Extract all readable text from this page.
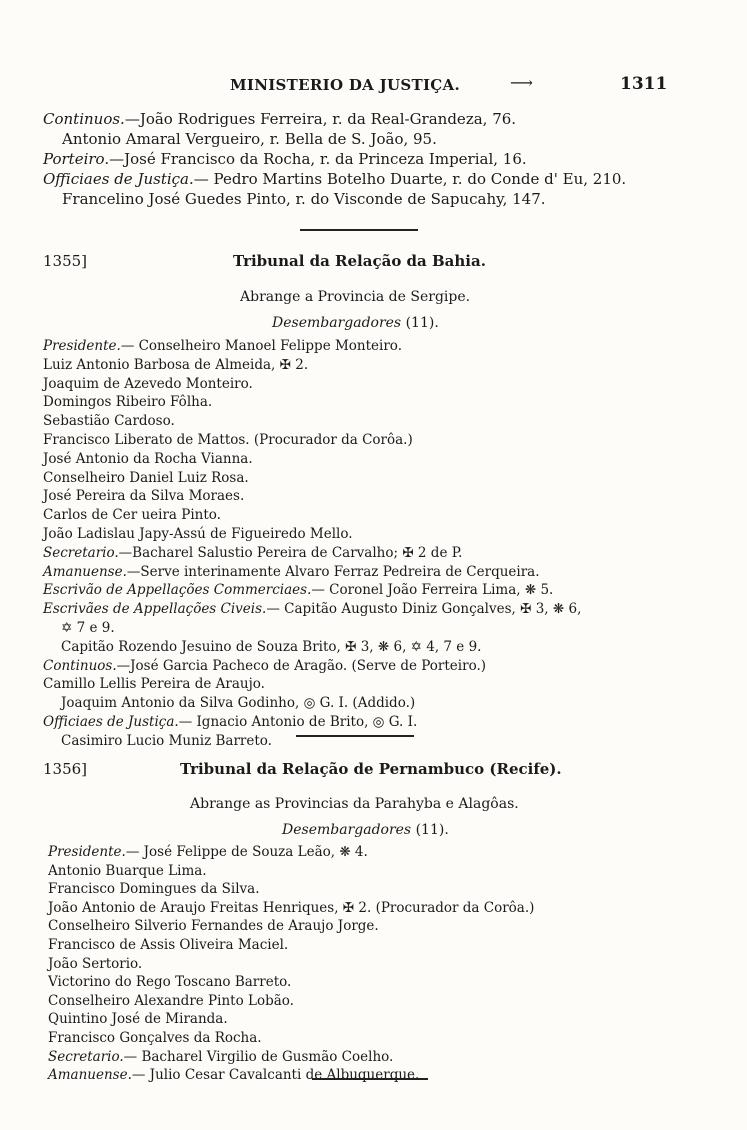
MINISTERIO DA JUSTIÇA.	⟶	1311
Continuos.—João Rodrigues Ferreira, r. da Real-Grandeza, 76.
Antonio Amaral Vergueiro, r. Bella de S. João, 95.
Porteiro.—José Francisco da Rocha, r. da Princeza Imperial, 16.
Officiaes de Justiça.— Pedro Martins Botelho Duarte, r. do Conde d' Eu, 210.
Francelino José Guedes Pinto, r. do Visconde de Sapucahy, 147.
1355]	Tribunal da Relação da Bahia.
Abrange a Provincia de Sergipe.
Desembargadores (11).
Presidente.— Conselheiro Manoel Felippe Monteiro.
Luiz Antonio Barbosa de Almeida, ✠ 2.
Joaquim de Azevedo Monteiro.
Domingos Ribeiro Fôlha.
Sebastião Cardoso.
Francisco Liberato de Mattos. (Procurador da Corôa.)
José Antonio da Rocha Vianna.
Conselheiro Daniel Luiz Rosa.
José Pereira da Silva Moraes.
Carlos de Cer ueira Pinto.
João Ladislau Japy-Assú de Figueiredo Mello.
Secretario.—Bacharel Salustio Pereira de Carvalho; ✠ 2 de P.
Amanuense.—Serve interinamente Alvaro Ferraz Pedreira de Cerqueira.
Escrivão de Appellações Commerciaes.— Coronel João Ferreira Lima, ❋ 5.
Escrivães de Appellações Civeis.— Capitão Augusto Diniz Gonçalves, ✠ 3, ❋ 6,
✡ 7 e 9.
Capitão Rozendo Jesuino de Souza Brito, ✠ 3, ❋ 6, ✡ 4, 7 e 9.
Continuos.—José Garcia Pacheco de Aragão. (Serve de Porteiro.)
Camillo Lellis Pereira de Araujo.
Joaquim Antonio da Silva Godinho, ◎ G. I. (Addido.)
Officiaes de Justiça.— Ignacio Antonio de Brito, ◎ G. I.
Casimiro Lucio Muniz Barreto.
1356]	Tribunal da Relação de Pernambuco (Recife).
Abrange as Provincias da Parahyba e Alagôas.
Desembargadores (11).
Presidente.— José Felippe de Souza Leão, ❋ 4.
Antonio Buarque Lima.
Francisco Domingues da Silva.
João Antonio de Araujo Freitas Henriques, ✠ 2. (Procurador da Corôa.)
Conselheiro Silverio Fernandes de Araujo Jorge.
Francisco de Assis Oliveira Maciel.
João Sertorio.
Victorino do Rego Toscano Barreto.
Conselheiro Alexandre Pinto Lobão.
Quintino José de Miranda.
Francisco Gonçalves da Rocha.
Secretario.— Bacharel Virgilio de Gusmão Coelho.
Amanuense.— Julio Cesar Cavalcanti de Albuquerque.
